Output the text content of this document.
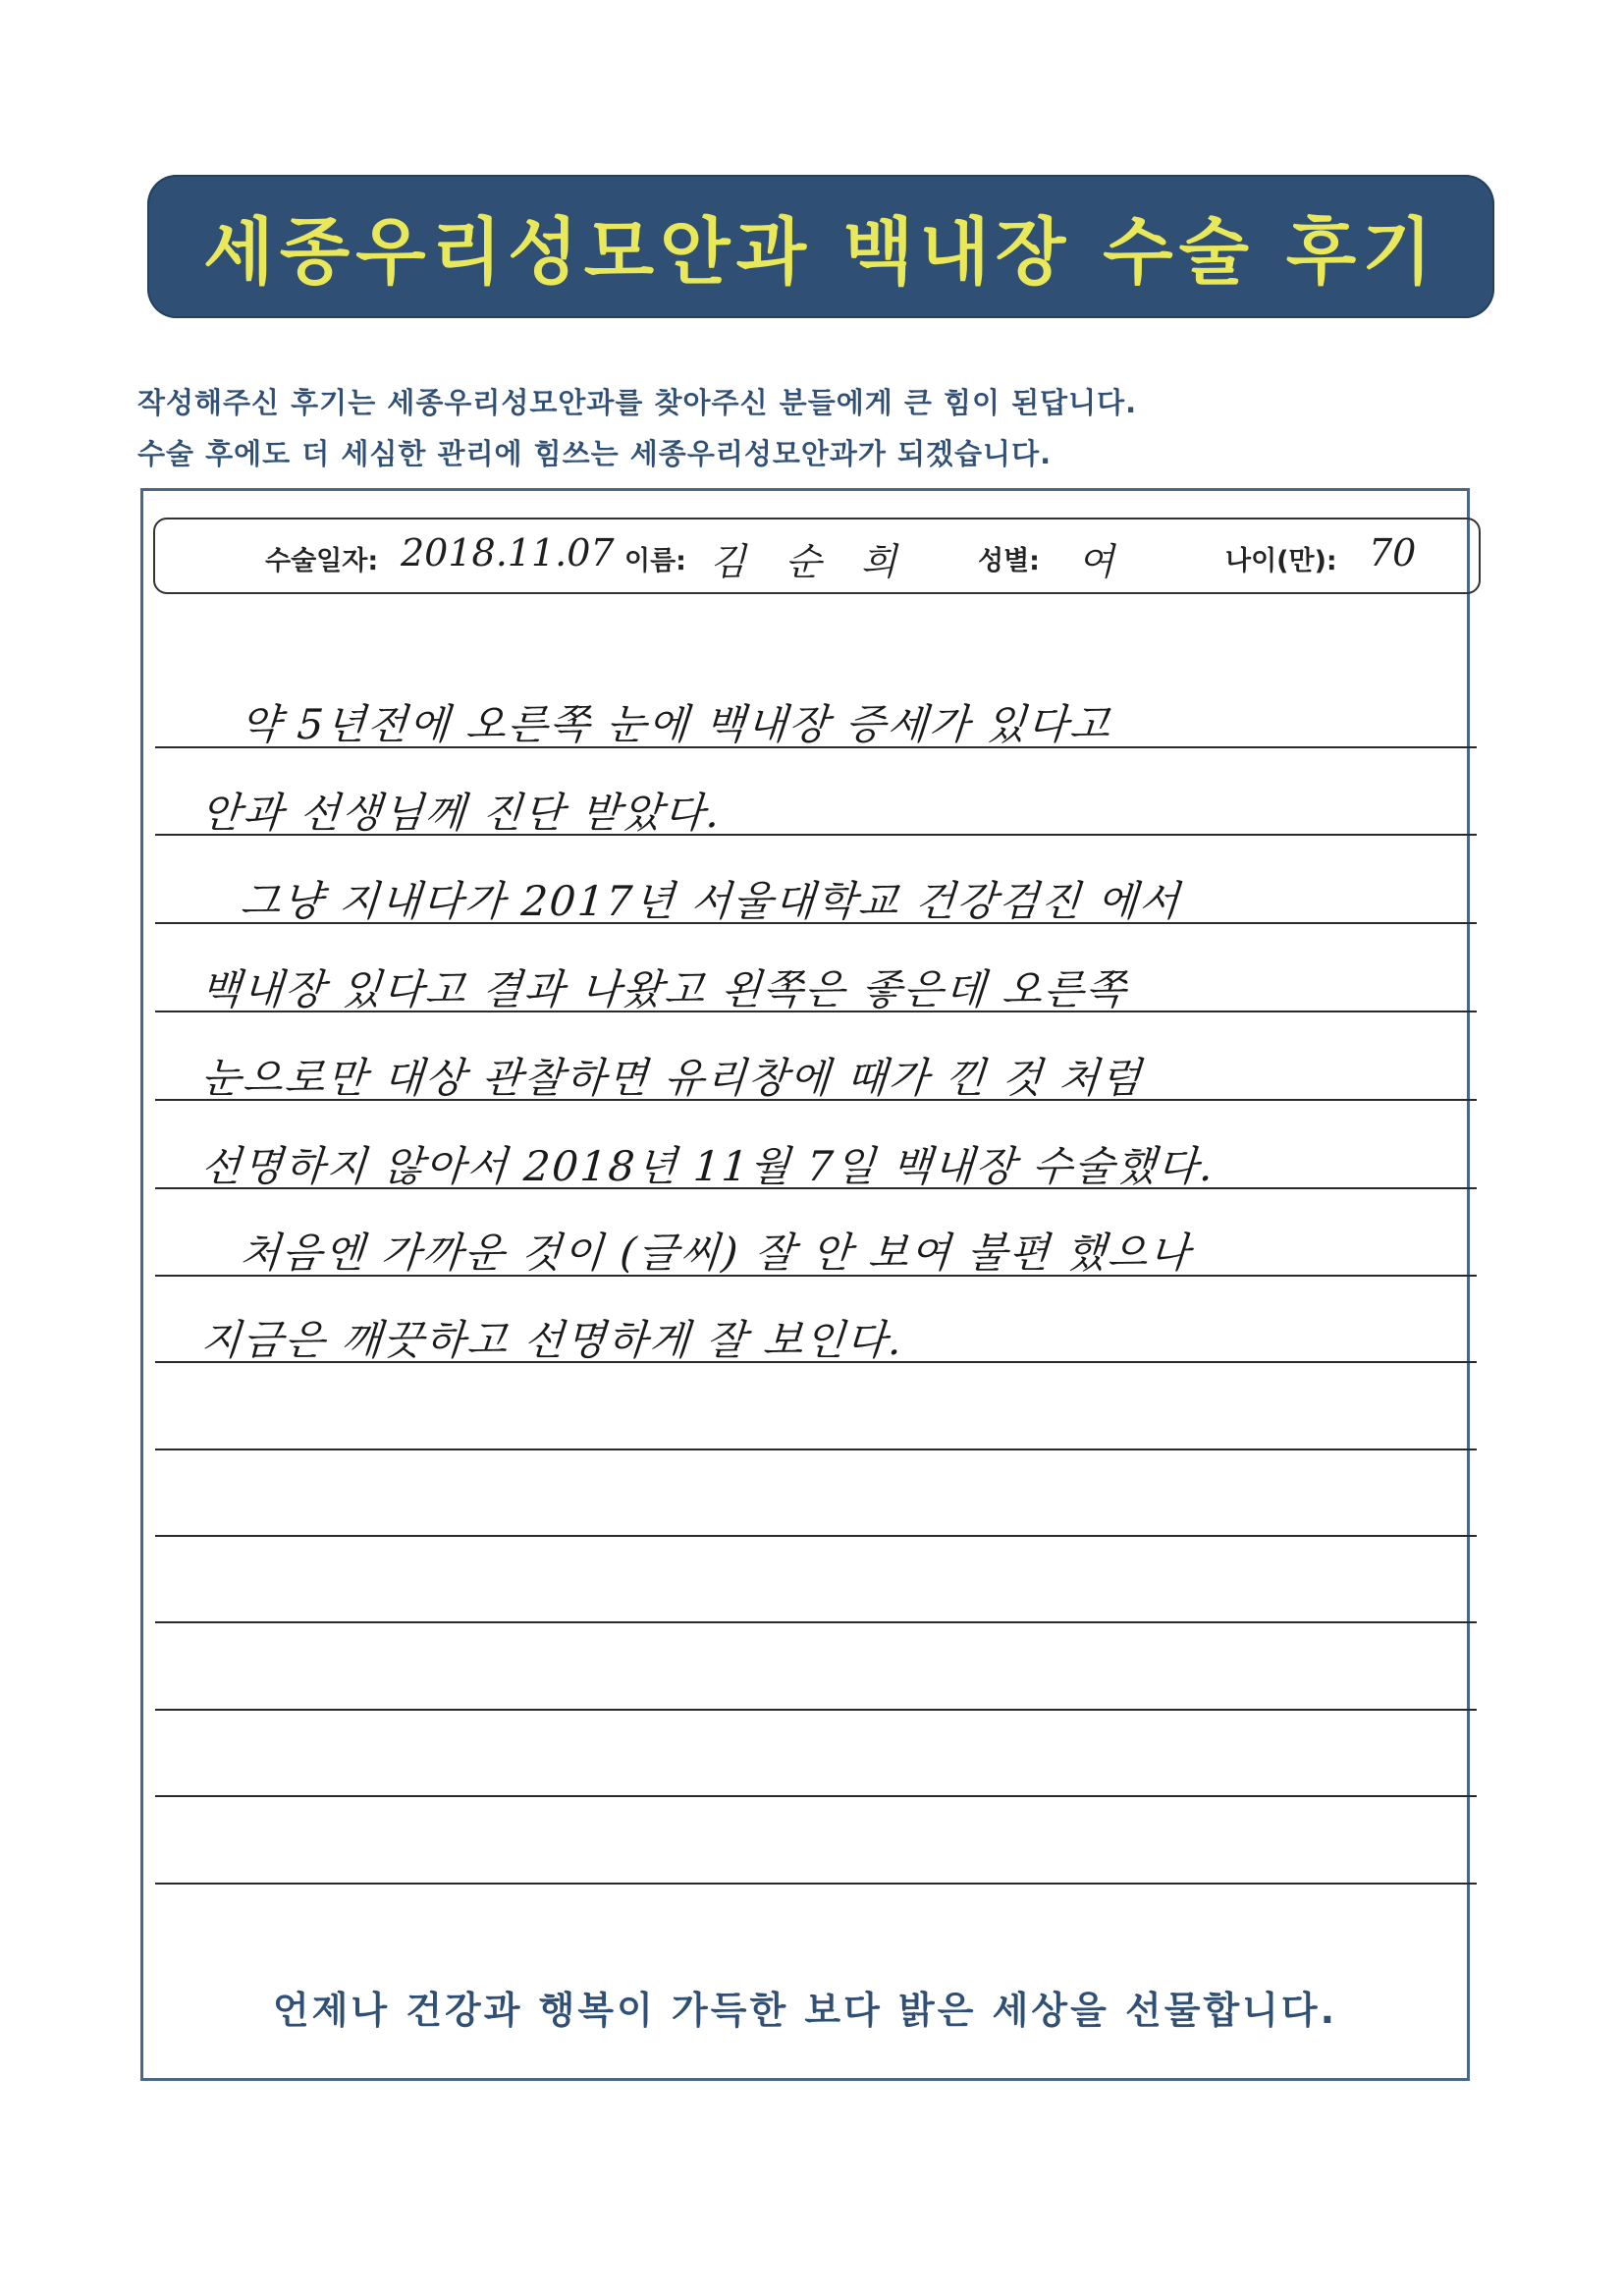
세종우리성모안과 백내장 수술 후기
작성해주신 후기는 세종우리성모안과를 찾아주신 분들에게 큰 힘이 된답니다.
수술 후에도 더 세심한 관리에 힘쓰는 세종우리성모안과가 되겠습니다.
수술일자: 2018.11.07 이름: 김 순 희	성별: 여	나이(만): 70
약 5년전에 오른쪽 눈에 백내장 증세가 있다고
안과 선생님께 진단 받았다.
그냥 지내다가 2017년 서울대학교 건강검진 에서
백내장 있다고 결과 나왔고 왼쪽은 좋은데 오른쪽
눈으로만 대상 관찰하면 유리창에 때가 낀 것 처럼
선명하지 않아서 2018년 11월 7일 백내장 수술했다.
처음엔 가까운 것이 (글씨) 잘 안 보여 불편 했으나
지금은 깨끗하고 선명하게 잘 보인다.
언제나 건강과 행복이 가득한 보다 밝은 세상을 선물합니다.
